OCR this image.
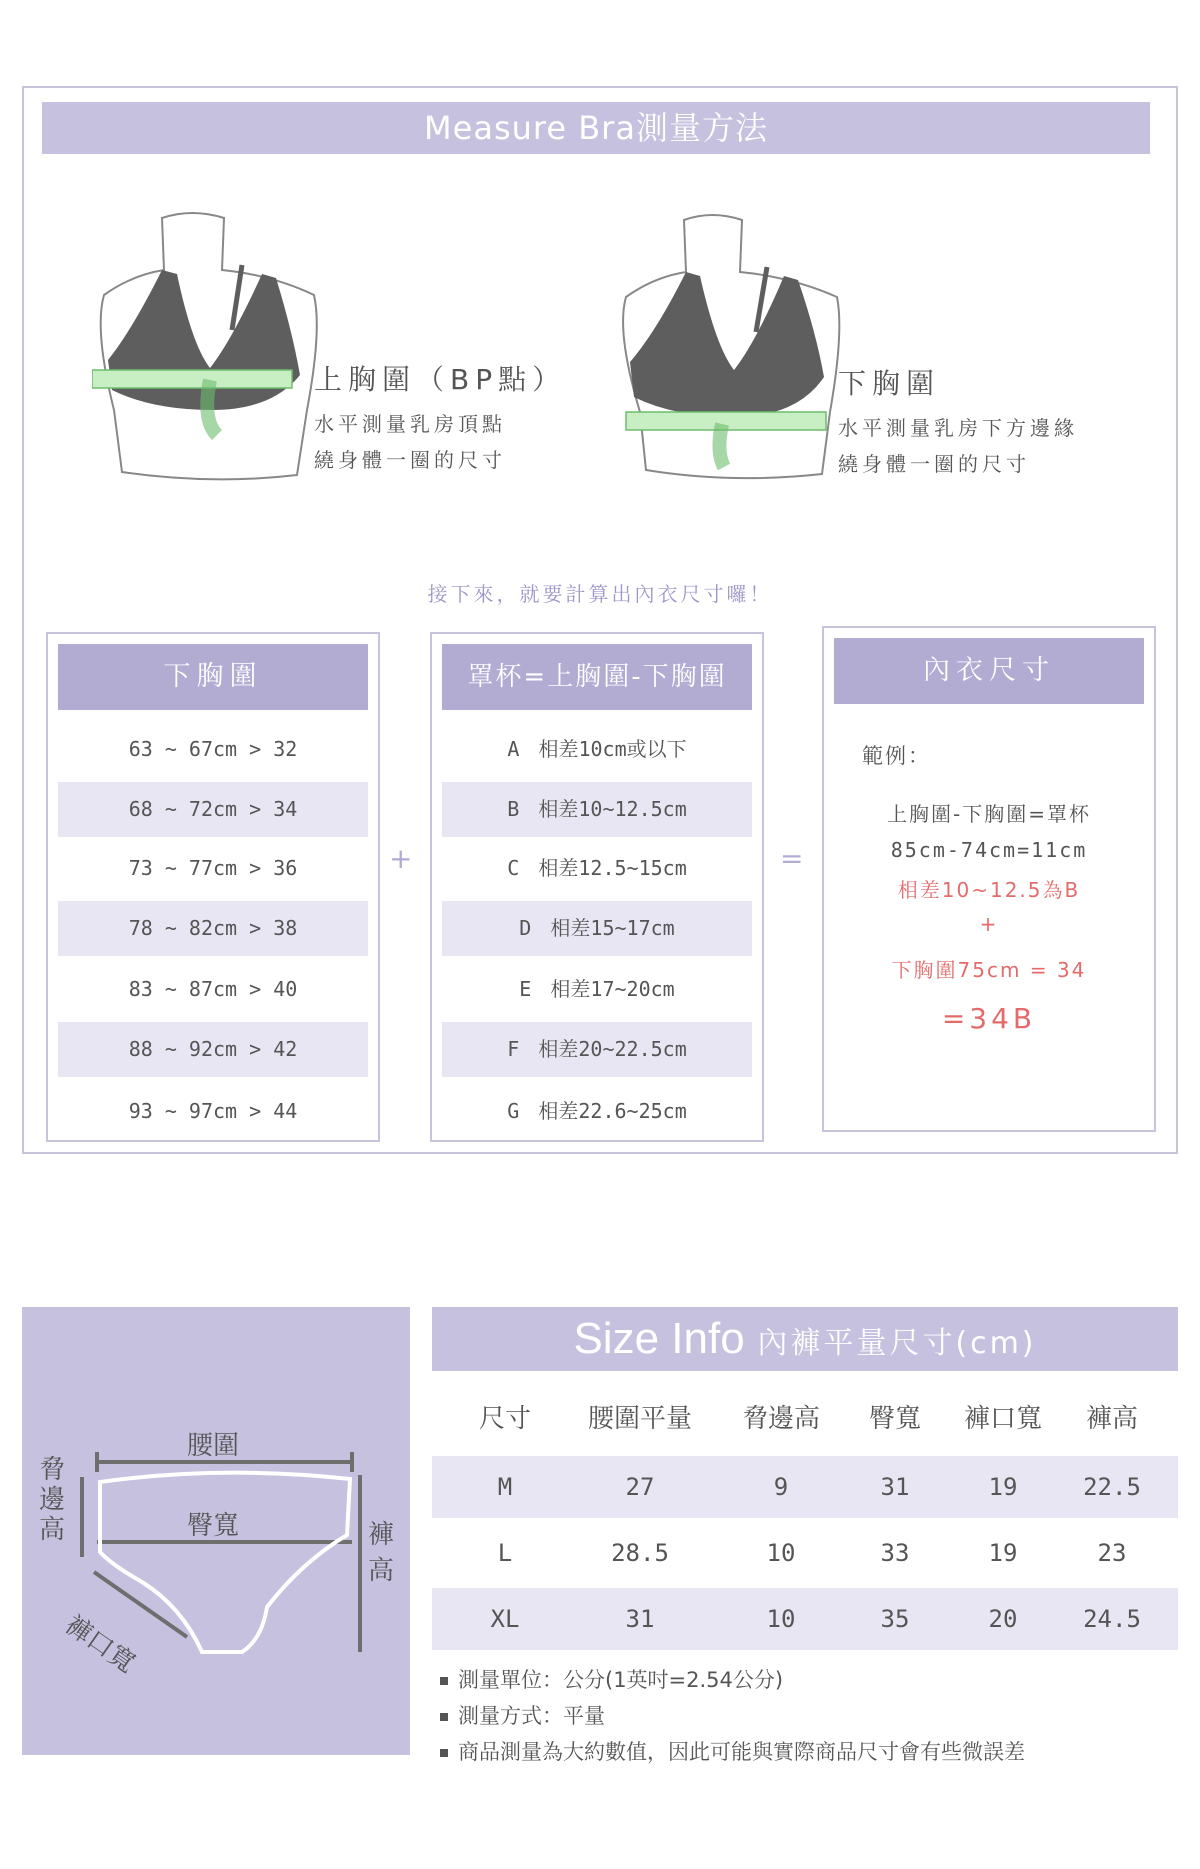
Measure Bra測量方法
上胸圍（BP點）
水平測量乳房頂點
繞身體一圈的尺寸
下胸圍
水平測量乳房下方邊緣
繞身體一圈的尺寸
接下來，就要計算出內衣尺寸囉！
下胸圍
63 ~ 67cm > 32
68 ~ 72cm > 34
73 ~ 77cm > 36
78 ~ 82cm > 38
83 ~ 87cm > 40
88 ~ 92cm > 42
93 ~ 97cm > 44
+
罩杯=上胸圍-下胸圍
A 相差10cm或以下
B 相差10~12.5cm
C 相差12.5~15cm
D 相差15~17cm
E 相差17~20cm
F 相差20~22.5cm
G 相差22.6~25cm
=
內衣尺寸
範例：
上胸圍-下胸圍=罩杯
85cm-74cm=11cm
相差10~12.5為B
+
下胸圍75cm = 34
=34B
腰圍
臀寬
脅邊高	褲高
褲口寬
Size Info 內褲平量尺寸(cm)
尺寸	腰圍平量	脅邊高	臀寬	褲口寬	褲高
M	27	9	31	19	22.5
L	28.5	10	33	19	23
XL	31	10	35	20	24.5
測量單位：公分(1英吋=2.54公分)
測量方式：平量
商品測量為大約數值，因此可能與實際商品尺寸會有些微誤差
